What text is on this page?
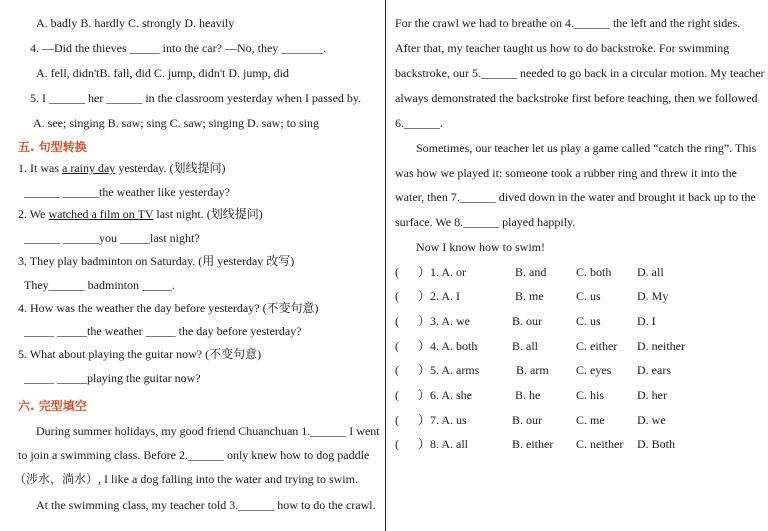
A. badly B. hardly C. strongly D. heavily
4. —Did the thieves _____ into the car? —No, they _______.
A. fell, didn'tB. fall, did C. jump, didn't D. jump, did
5. I ______ her ______ in the classroom yesterday when I passed by.
A. see; singing B. saw; sing C. saw; singing D. saw; to sing
五. 句型转换
1. It was a rainy day yesterday. (划线提问)
______ ______the weather like yesterday?
2. We watched a film on TV last night. (划线提问)
______ ______you _____last night?
3. They play badminton on Saturday. (用 yesterday 改写)
They______ badminton _____.
4. How was the weather the day before yesterday? (不变句意)
_____ _____the weather _____ the day before yesterday?
5. What about playing the guitar now? (不变句意)
_____ _____playing the guitar now?
六. 完型填空
During summer holidays, my good friend Chuanchuan 1.______ I went
to join a swimming class. Before 2.______ only knew how to dog paddle
（涉水，淌水）, I like a dog falling into the water and trying to swim.
At the swimming class, my teacher told 3.______ how to do the crawl.
For the crawl we had to breathe on 4.______ the left and the right sides.
After that, my teacher taught us how to do backstroke. For swimming
backstroke, our 5.______ needed to go back in a circular motion. My teacher
always demonstrated the backstroke first before teaching, then we followed
6.______.
Sometimes, our teacher let us play a game called “catch the ring”. This
was how we played it: someone took a rubber ring and threw it into the
water, then 7.______ dived down in the water and brought it back up to the
surface. We 8.______ played happily.
Now I know how to swim!
( ）1. A. or	B. and C. both D. all
( ）2. A. I	B. me	C. us	D. My
( ）3. A. we	B. our	C. us	D. I
( ）4. A. both	B. all	C. either D. neither
( ）5. A. arms	B. arm C. eyes D. ears
( ）6. A. she	B. he	C. his	D. her
( ）7. A. us	B. our	C. me	D. we
( ）8. A. all	B. either C. neither D. Both
